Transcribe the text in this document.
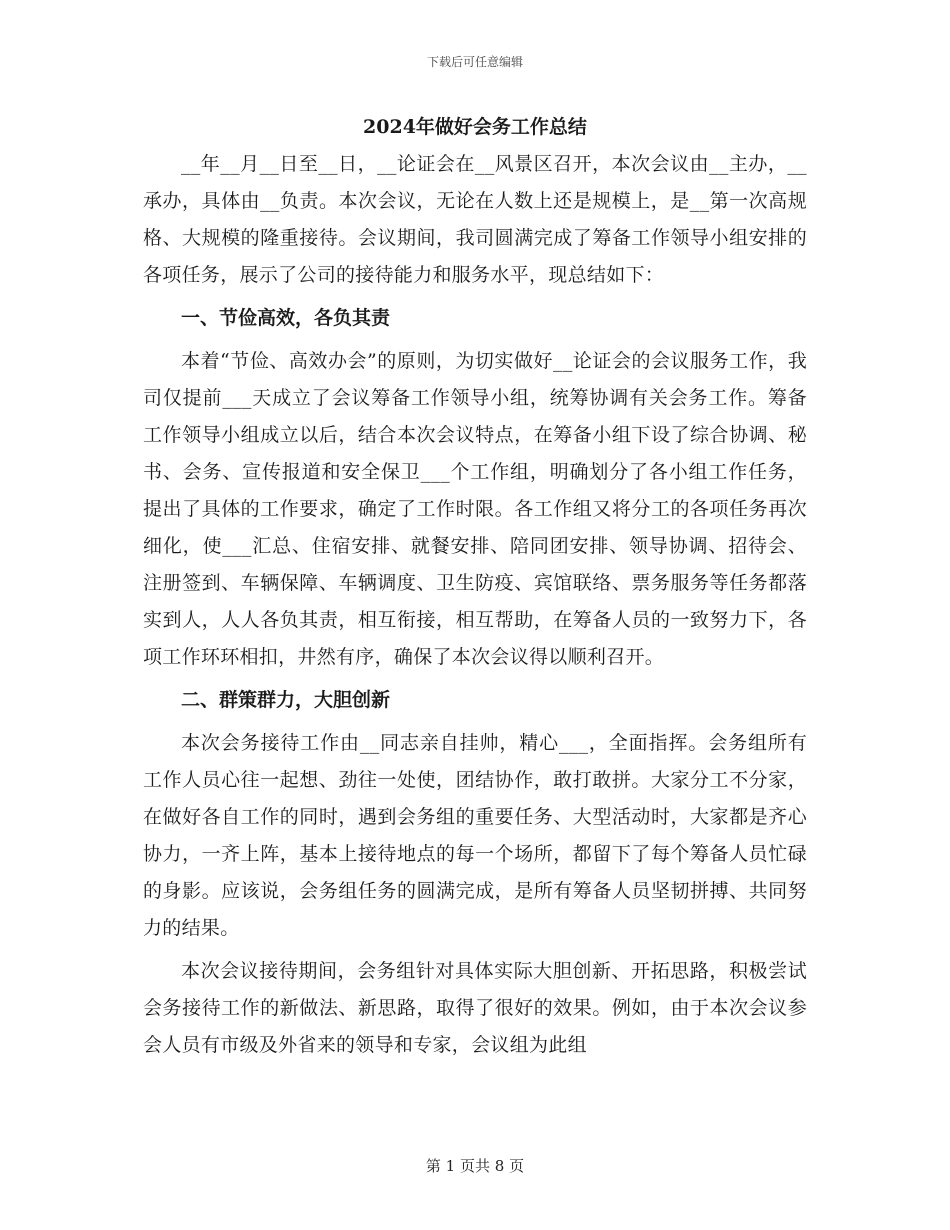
下载后可任意编辑
2024年做好会务工作总结

__年__月__日至__日，__论证会在__风景区召开，本次会议由__主办，__承办，具体由__负责。本次会议，无论在人数上还是规模上，是__第一次高规格、大规模的隆重接待。会议期间，我司圆满完成了筹备工作领导小组安排的各项任务，展示了公司的接待能力和服务水平，现总结如下：

一、节俭高效，各负其责

本着“节俭、高效办会”的原则，为切实做好__论证会的会议服务工作，我司仅提前___天成立了会议筹备工作领导小组，统筹协调有关会务工作。筹备工作领导小组成立以后，结合本次会议特点，在筹备小组下设了综合协调、秘书、会务、宣传报道和安全保卫___个工作组，明确划分了各小组工作任务，提出了具体的工作要求，确定了工作时限。各工作组又将分工的各项任务再次细化，使___汇总、住宿安排、就餐安排、陪同团安排、领导协调、招待会、注册签到、车辆保障、车辆调度、卫生防疫、宾馆联络、票务服务等任务都落实到人，人人各负其责，相互衔接，相互帮助，在筹备人员的一致努力下，各项工作环环相扣，井然有序，确保了本次会议得以顺利召开。

二、群策群力，大胆创新

本次会务接待工作由__同志亲自挂帅，精心___，全面指挥。会务组所有工作人员心往一起想、劲往一处使，团结协作，敢打敢拼。大家分工不分家，在做好各自工作的同时，遇到会务组的重要任务、大型活动时，大家都是齐心协力，一齐上阵，基本上接待地点的每一个场所，都留下了每个筹备人员忙碌的身影。应该说，会务组任务的圆满完成，是所有筹备人员坚韧拼搏、共同努力的结果。

本次会议接待期间，会务组针对具体实际大胆创新、开拓思路，积极尝试会务接待工作的新做法、新思路，取得了很好的效果。例如，由于本次会议参会人员有市级及外省来的领导和专家，会议组为此组

第 1 页共 8 页
